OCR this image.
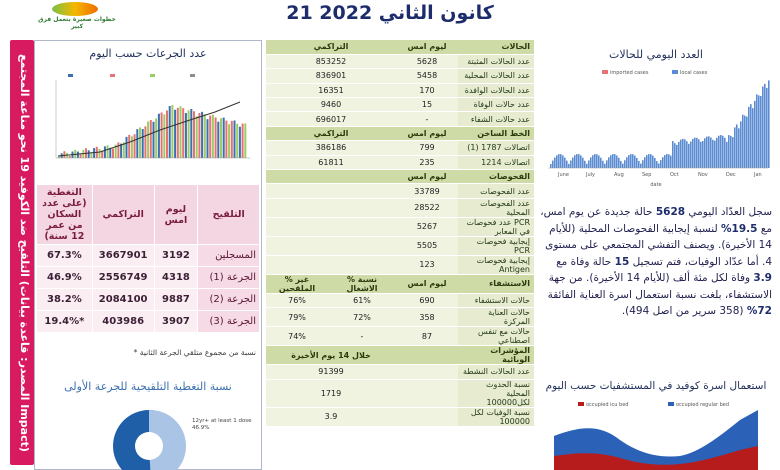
خطوات صغيرة بتعمل فرق كبير
21 كانون الثاني 2022
التلقيح ضد الكوفيد 19 نحو مناعة المجتمع (المصدر: قاعدة بيانات Impact)
عدد الجرعات حسب اليوم
التغطية (على عدد السكان من عمر 12 سنة)	التراكمي	ليوم امس	التلقيح
67.3%	3667901	3192	المسجلين
46.9%	2556749	4318	الجرعة (1)
38.2%	2084100	9887	الجرعة (2)
19.4%*	403986	3907	الجرعة (3)
* نسبة من مجموع متلقي الجرعة الثانية
نسبة التغطية التلقيحية للجرعة الأولى
12yr+ at least 1 dose 46.9%
التراكمي		ليوم امس	الحالات
853252		5628	عدد الحالات المثبتة
836901		5458	عدد الحالات المحلية
16351		170	عدد الحالات الوافدة
9460		15	عدد حالات الوفاة
696017		-	عدد حالات الشفاء
التراكمي		ليوم امس	الخط الساخن
386186		799	اتصالات 1787 (1)
61811		235	اتصالات 1214
		ليوم امس	الفحوصات
		33789	عدد الفحوصات
		28522	عدد الفحوصات المحلية
		5267	عدد فحوصات PCR في المعابر
		5505	إيجابية فحوصات PCR
		123	إيجابية فحوصات Antigen
% غير الملقحين	% نسبة الاشغال	ليوم امس	الاستشفاء
76%	61%	690	حالات الاستشفاء
79%	72%	358	حالات العناية المركزة
74%	-	87	حالات مع تنفس اصطناعي
خلال 14 يوم الأخيرة			المؤشرات الوبائية
91399			عدد الحالات النشطة
1719			نسبة الحدوث المحلية لكل100000
3.9			نسبة الوفيات لكل 100000
العدد اليومي للحالات
imported cases	local cases
June	July	Aug	Sep	Oct	Nov	Dec	Jan
date
سجل العدّاد اليومي 5628 حالة جديدة عن يوم امس، مع 19.5% لنسبة إيجابية الفحوصات المحلية (للأيام 14 الأخيرة). ويصنف التفشي المجتمعي على مستوى 4. أما عدّاد الوفيات، فتم تسجيل 15 حالة وفاة مع 3.9 وفاة لكل مئة ألف (للأيام 14 الأخيرة). من جهة الاستشفاء، بلغت نسبة استعمال اسرة العناية الفائقة 72% (358 سرير من اصل 494).
استعمال اسرة كوفيد في المستشفيات حسب اليوم
occupied icu bed	occupied regular bed
